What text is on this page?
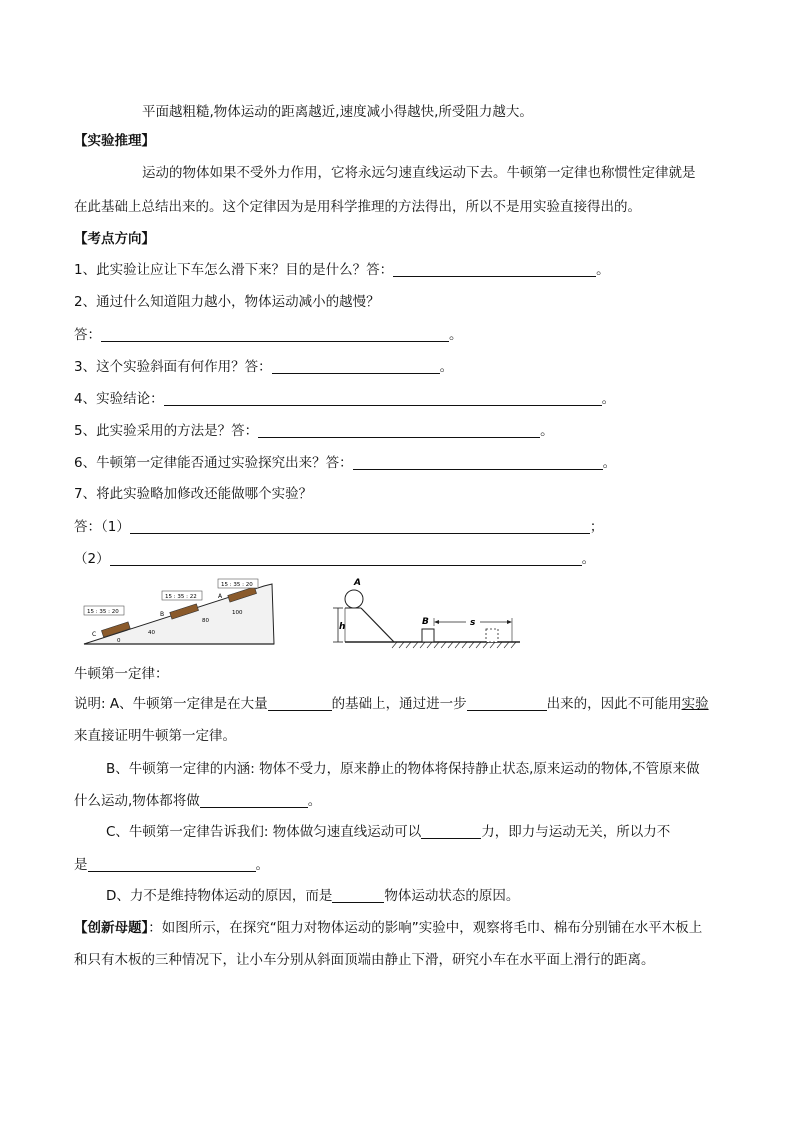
平面越粗糙,物体运动的距离越近,速度减小得越快,所受阻力越大。
【实验推理】
运动的物体如果不受外力作用，它将永远匀速直线运动下去。牛顿第一定律也称惯性定律就是
在此基础上总结出来的。这个定律因为是用科学推理的方法得出，所以不是用实验直接得出的。
【考点方向】
1、此实验让应让下车怎么滑下来？目的是什么？答：	。
2、通过什么知道阻力越小，物体运动减小的越慢？
答：	。
3、这个实验斜面有何作用？答：	。
4、实验结论：	。
5、此实验采用的方法是？答：	。
6、牛顿第一定律能否通过实验探究出来？答：	。
7、将此实验略加修改还能做哪个实验？
答：（1）	；
（2）	。
15 : 35 : 20
15 : 35 : 22
15 : 35 : 20
C
B
A
0
40
80
100
h
A
B	s
牛顿第一定律：
说明: A、牛顿第一定律是在大量	的基础上，通过进一步	出来的，因此不可能用实验
来直接证明牛顿第一定律。
B、牛顿第一定律的内涵: 物体不受力，原来静止的物体将保持静止状态,原来运动的物体,不管原来做
什么运动,物体都将做	。
C、牛顿第一定律告诉我们: 物体做匀速直线运动可以	力，即力与运动无关，所以力不
是	。
D、力不是维持物体运动的原因，而是	物体运动状态的原因。
【创新母题】：如图所示，在探究“阻力对物体运动的影响”实验中，观察将毛巾、棉布分别铺在水平木板上
和只有木板的三种情况下，让小车分别从斜面顶端由静止下滑，研究小车在水平面上滑行的距离。
